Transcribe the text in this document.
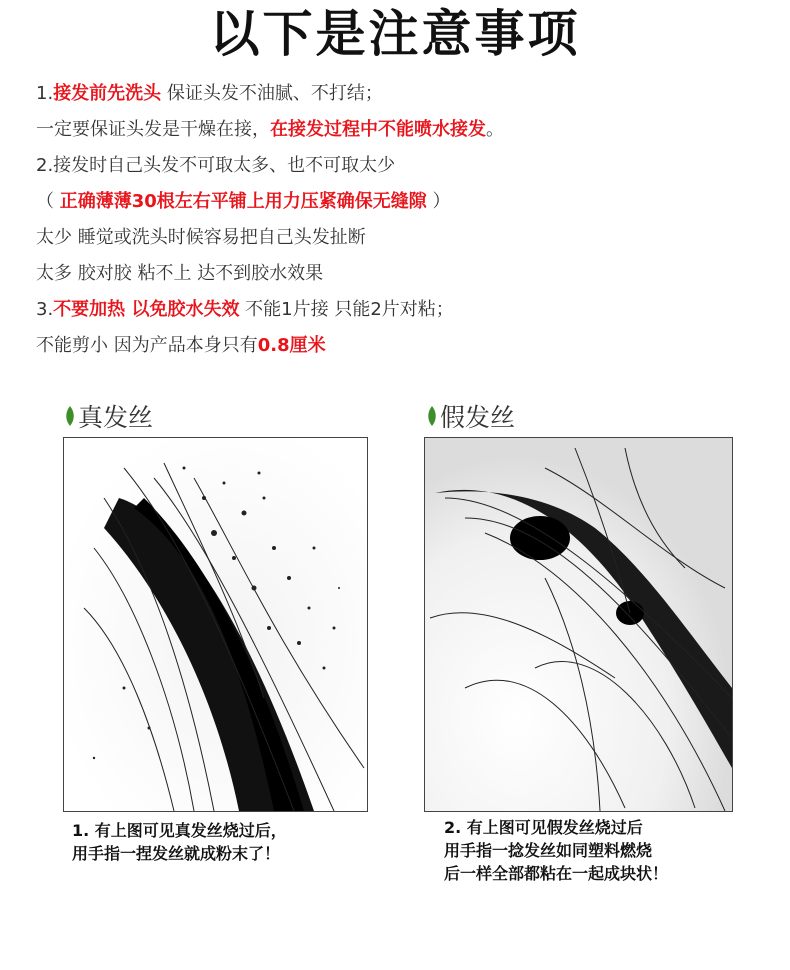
以下是注意事项
1.接发前先洗头 保证头发不油腻、不打结；
一定要保证头发是干燥在接，在接发过程中不能喷水接发。
2.接发时自己头发不可取太多、也不可取太少
（ 正确薄薄30根左右平铺上用力压紧确保无缝隙 ）
太少 睡觉或洗头时候容易把自己头发扯断
太多 胶对胶 粘不上 达不到胶水效果
3.不要加热 以免胶水失效 不能1片接 只能2片对粘；
不能剪小 因为产品本身只有0.8厘米
真发丝
1. 有上图可见真发丝烧过后，
用手指一捏发丝就成粉末了！
假发丝
2. 有上图可见假发丝烧过后
用手指一捻发丝如同塑料燃烧
后一样全部都粘在一起成块状！
